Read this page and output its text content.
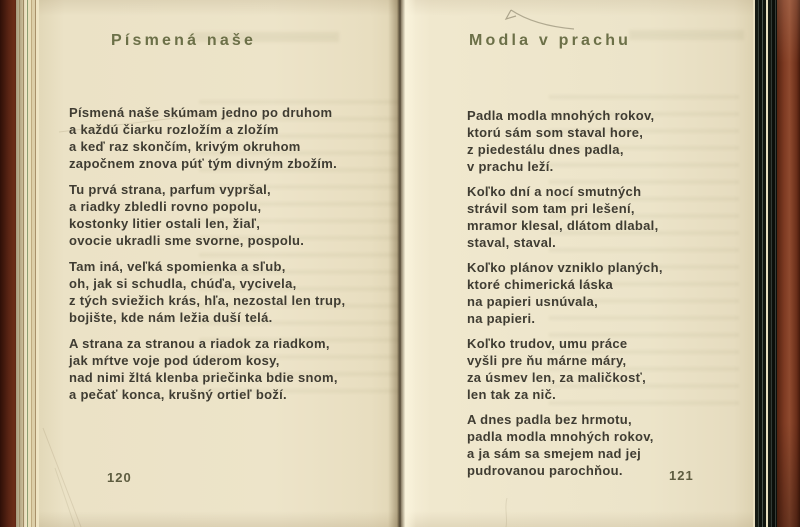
Písmená naše
Písmená naše skúmam jedno po druhom
a každú čiarku rozložím a zložím
a keď raz skončím, krivým okruhom
započnem znova púť tým divným zbožím.
Tu prvá strana, parfum vypršal,
a riadky zbledli rovno popolu,
kostonky litier ostali len, žiaľ,
ovocie ukradli sme svorne, pospolu.
Tam iná, veľká spomienka a sľub,
oh, jak si schudla, chúďa, vycivela,
z tých sviežich krás, hľa, nezostal len trup,
bojište, kde nám ležia duší telá.
A strana za stranou a riadok za riadkom,
jak mŕtve voje pod úderom kosy,
nad nimi žltá klenba priečinka bdie snom,
a pečať konca, krušný ortieľ boží.
120
Modla v prachu
Padla modla mnohých rokov,
ktorú sám som staval hore,
z piedestálu dnes padla,
v prachu leží.
Koľko dní a nocí smutných
strávil som tam pri lešení,
mramor klesal, dlátom dlabal,
staval, staval.
Koľko plánov vzniklo planých,
ktoré chimerická láska
na papieri usnúvala,
na papieri.
Koľko trudov, umu práce
vyšli pre ňu márne máry,
za úsmev len, za maličkosť,
len tak za nič.
A dnes padla bez hrmotu,
padla modla mnohých rokov,
a ja sám sa smejem nad jej
pudrovanou parochňou.	121
